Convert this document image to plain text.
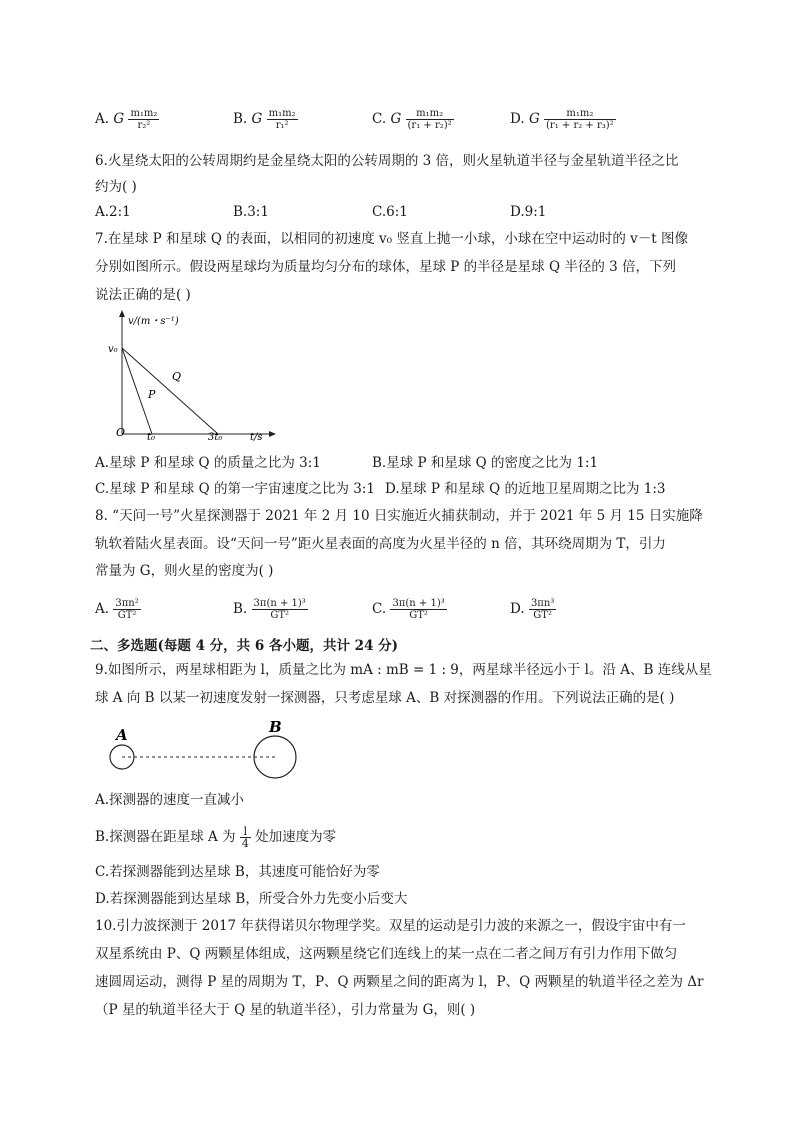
A. G $\frac{\text{m₁m₂}}{\text{r₂²}}$	B. G $\frac{\text{m₁m₂}}{\text{r₁²}}$	C. G $\frac{\text{m₁m₂}}{\text{(r₁ + r₂)²}}$	D. G $\frac{\text{m₁m₂}}{\text{(r₁ + r₂ + r₃)²}}$
6.火星绕太阳的公转周期约是金星绕太阳的公转周期的 3 倍，则火星轨道半径与金星轨道半径之比
约为( )
A.2:1	B.3:1	C.6:1	D.9:1
7.在星球 P 和星球 Q 的表面，以相同的初速度 v₀ 竖直上抛一小球，小球在空中运动时的 v－t 图像
分别如图所示。假设两星球均为质量均匀分布的球体，星球 P 的半径是星球 Q 半径的 3 倍，下列
说法正确的是( )
v/(m・s⁻¹)
v₀
O t₀	3t₀	t/s
P
Q
A.星球 P 和星球 Q 的质量之比为 3:1	B.星球 P 和星球 Q 的密度之比为 1:1
C.星球 P 和星球 Q 的第一宇宙速度之比为 3:1 D.星球 P 和星球 Q 的近地卫星周期之比为 1:3
8. “天问一号”火星探测器于 2021 年 2 月 10 日实施近火捕获制动，并于 2021 年 5 月 15 日实施降
轨软着陆火星表面。设“天问一号”距火星表面的高度为火星半径的 n 倍，其环绕周期为 T，引力
常量为 G，则火星的密度为( )
A. $\frac{\text{3πn²}}{\text{GT²}}$	B. $\frac{\text{3π(n + 1)³}}{\text{GT²}}$	C. $\frac{\text{3π(n + 1)³}}{\text{GT²}}$	D. $\frac{\text{3πn³}}{\text{GT²}}$
二、多选题(每题 4 分，共 6 各小题，共计 24 分)
9.如图所示，两星球相距为 l，质量之比为 mA : mB = 1 : 9，两星球半径远小于 l。沿 A、B 连线从星
球 A 向 B 以某一初速度发射一探测器，只考虑星球 A、B 对探测器的作用。下列说法正确的是( )
A	B
A.探测器的速度一直减小
B.探测器在距星球 A 为 $\frac{l}{4}$ 处加速度为零
C.若探测器能到达星球 B，其速度可能恰好为零
D.若探测器能到达星球 B，所受合外力先变小后变大
10.引力波探测于 2017 年获得诺贝尔物理学奖。双星的运动是引力波的来源之一，假设宇宙中有一
双星系统由 P、Q 两颗星体组成，这两颗星绕它们连线上的某一点在二者之间万有引力作用下做匀
速圆周运动，测得 P 星的周期为 T，P、Q 两颗星之间的距离为 l，P、Q 两颗星的轨道半径之差为 Δr
（P 星的轨道半径大于 Q 星的轨道半径），引力常量为 G，则( )
